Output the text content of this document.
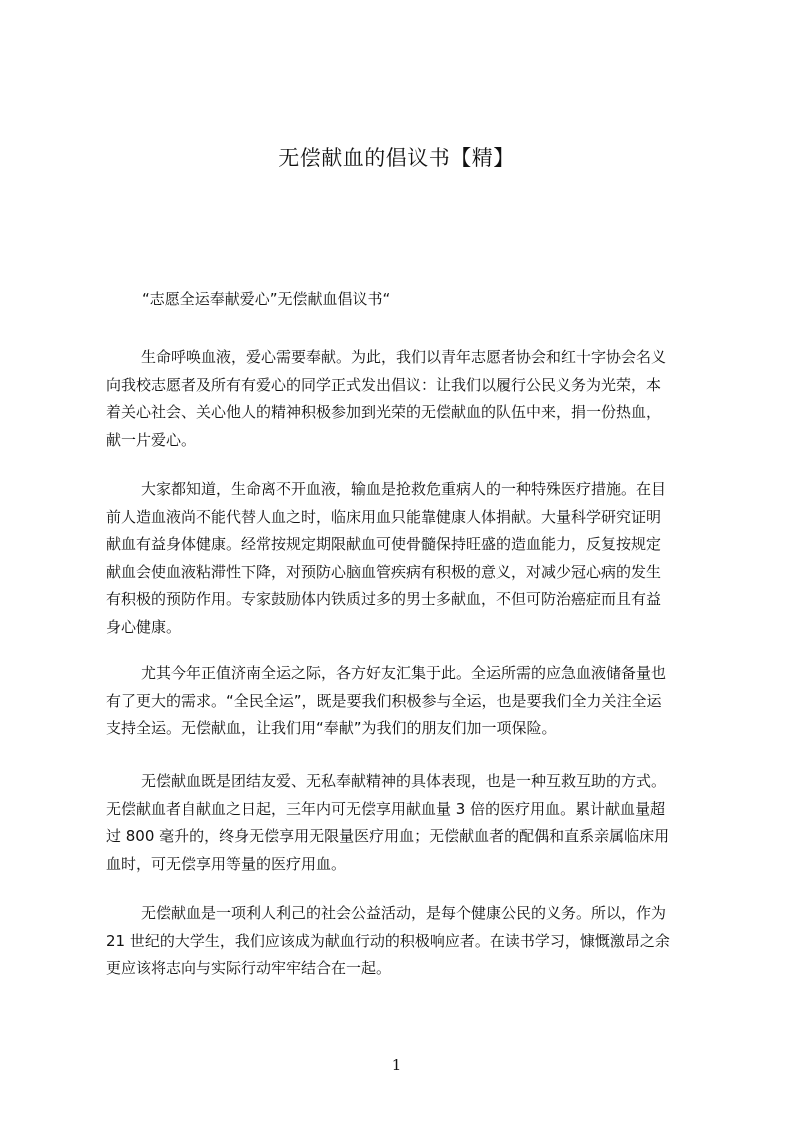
无偿献血的倡议书【精】
“志愿全运奉献爱心”无偿献血倡议书“
生命呼唤血液，爱心需要奉献。为此，我们以青年志愿者协会和红十字协会名义
向我校志愿者及所有有爱心的同学正式发出倡议：让我们以履行公民义务为光荣，本
着关心社会、关心他人的精神积极参加到光荣的无偿献血的队伍中来，捐一份热血，
献一片爱心。
大家都知道，生命离不开血液，输血是抢救危重病人的一种特殊医疗措施。在目
前人造血液尚不能代替人血之时，临床用血只能靠健康人体捐献。大量科学研究证明
献血有益身体健康。经常按规定期限献血可使骨髓保持旺盛的造血能力，反复按规定
献血会使血液粘滞性下降，对预防心脑血管疾病有积极的意义，对减少冠心病的发生
有积极的预防作用。专家鼓励体内铁质过多的男士多献血，不但可防治癌症而且有益
身心健康。
尤其今年正值济南全运之际，各方好友汇集于此。全运所需的应急血液储备量也
有了更大的需求。“全民全运”，既是要我们积极参与全运，也是要我们全力关注全运
支持全运。无偿献血，让我们用“奉献”为我们的朋友们加一项保险。
无偿献血既是团结友爱、无私奉献精神的具体表现，也是一种互救互助的方式。
无偿献血者自献血之日起，三年内可无偿享用献血量 3 倍的医疗用血。累计献血量超
过 800 毫升的，终身无偿享用无限量医疗用血；无偿献血者的配偶和直系亲属临床用
血时，可无偿享用等量的医疗用血。
无偿献血是一项利人利己的社会公益活动，是每个健康公民的义务。所以，作为
21 世纪的大学生，我们应该成为献血行动的积极响应者。在读书学习，慷慨激昂之余
更应该将志向与实际行动牢牢结合在一起。
1
